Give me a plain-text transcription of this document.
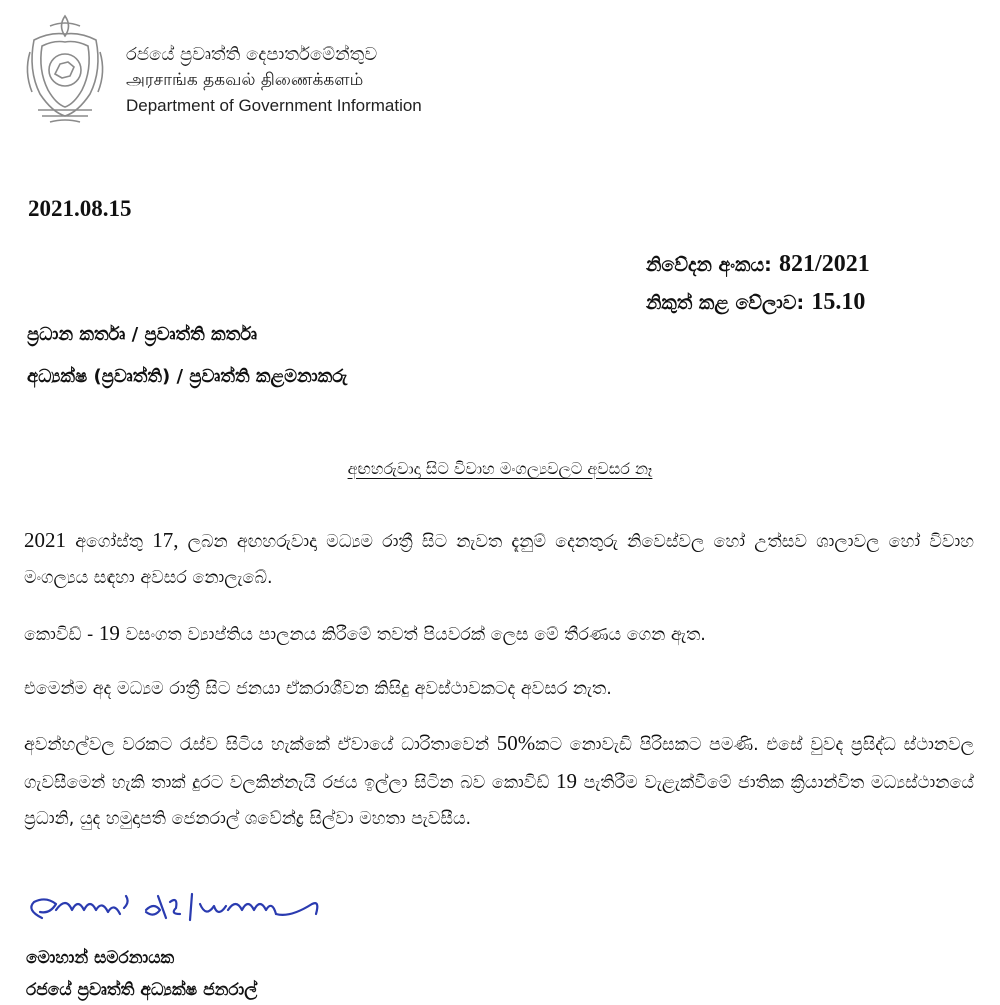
රජයේ ප්‍රවෘත්ති දෙපාර්තමේන්තුව
அரசாங்க தகவல் திணைக்களம்
Department of Government Information
2021.08.15
නිවේදන අංකය: 821/2021
නිකුත් කළ වේලාව: 15.10
ප්‍රධාන කර්තෘ / ප්‍රවෘත්ති කර්තෘ
අධ්‍යක්ෂ (ප්‍රවෘත්ති) / ප්‍රවෘත්ති කළමනාකරු
අඟහරුවාදා සිට විවාහ මංගල්‍යවලට අවසර නෑ
2021 අගෝස්තු 17, ලබන අඟහරුවාදා මධ්‍යම රාත්‍රී සිට නැවත දැනුම් දෙනතුරු නිවෙස්වල හෝ උත්සව ශාලාවල හෝ විවාහ මංගල්‍යය සඳහා අවසර නොලැබේ.
කොවිඩ් - 19 වසංගත ව්‍යාප්තිය පාලනය කිරීමේ තවත් පියවරක් ලෙස මේ තීරණය ගෙන ඇත.
එමෙන්ම අද මධ්‍යම රාත්‍රී සිට ජනයා ඒකරාශීවන කිසිදු අවස්ථාවකටද අවසර නැත.
අවන්හල්වල වරකට රැස්ව සිටිය හැක්කේ ඒවායේ ධාරිතාවෙන් 50%කට නොවැඩි පිරිසකට පමණි. එසේ වුවද ප්‍රසිද්ධ ස්ථානවල ගැවසීමෙන් හැකි තාක් දුරට වලකින්නැයි රජය ඉල්ලා සිටින බව කොවිඩ් 19 පැතිරීම වැළැක්වීමේ ජාතික ක්‍රියාන්විත මධ්‍යස්ථානයේ ප්‍රධානි, යුද හමුදාපති ජෙනරාල් ශවේන්ද්‍ර සිල්වා මහතා පැවසීය.
මොහාන් සමරනායක
රජයේ ප්‍රවෘත්ති අධ්‍යක්ෂ ජනරාල්
